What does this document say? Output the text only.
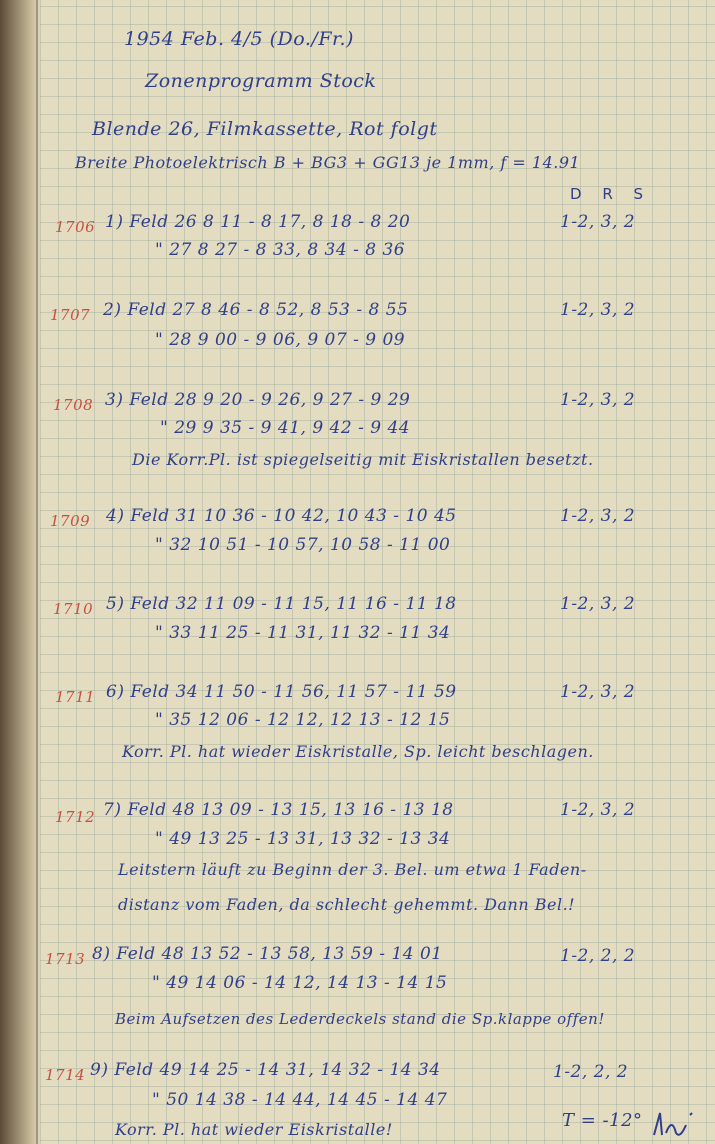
1954 Feb. 4/5 (Do./Fr.)
Zonenprogramm Stock
Blende 26, Filmkassette, Rot folgt
Breite Photoelektrisch B + BG3 + GG13 je 1mm, f = 14.91
D R S
1706 1) Feld 26 8 11 - 8 17, 8 18 - 8 20
" 27 8 27 - 8 33, 8 34 - 8 36
1-2, 3, 2
1707 2) Feld 27 8 46 - 8 52, 8 53 - 8 55
" 28 9 00 - 9 06, 9 07 - 9 09
1-2, 3, 2
1708 3) Feld 28 9 20 - 9 26, 9 27 - 9 29
" 29 9 35 - 9 41, 9 42 - 9 44
1-2, 3, 2
Die Korr.Pl. ist spiegelseitig mit Eiskristallen besetzt.
1709 4) Feld 31 10 36 - 10 42, 10 43 - 10 45
" 32 10 51 - 10 57, 10 58 - 11 00
1-2, 3, 2
1710 5) Feld 32 11 09 - 11 15, 11 16 - 11 18
" 33 11 25 - 11 31, 11 32 - 11 34
1-2, 3, 2
1711 6) Feld 34 11 50 - 11 56, 11 57 - 11 59
" 35 12 06 - 12 12, 12 13 - 12 15
1-2, 3, 2
Korr. Pl. hat wieder Eiskristalle, Sp. leicht beschlagen.
1712 7) Feld 48 13 09 - 13 15, 13 16 - 13 18
" 49 13 25 - 13 31, 13 32 - 13 34
1-2, 3, 2
Leitstern läuft zu Beginn der 3. Bel. um etwa 1 Faden-
distanz vom Faden, da schlecht gehemmt. Dann Bel.!
1713 8) Feld 48 13 52 - 13 58, 13 59 - 14 01
" 49 14 06 - 14 12, 14 13 - 14 15
1-2, 2, 2
Beim Aufsetzen des Lederdeckels stand die Sp.klappe offen!
1714 9) Feld 49 14 25 - 14 31, 14 32 - 14 34
" 50 14 38 - 14 44, 14 45 - 14 47
1-2, 2, 2
Korr. Pl. hat wieder Eiskristalle!	T = -12°
